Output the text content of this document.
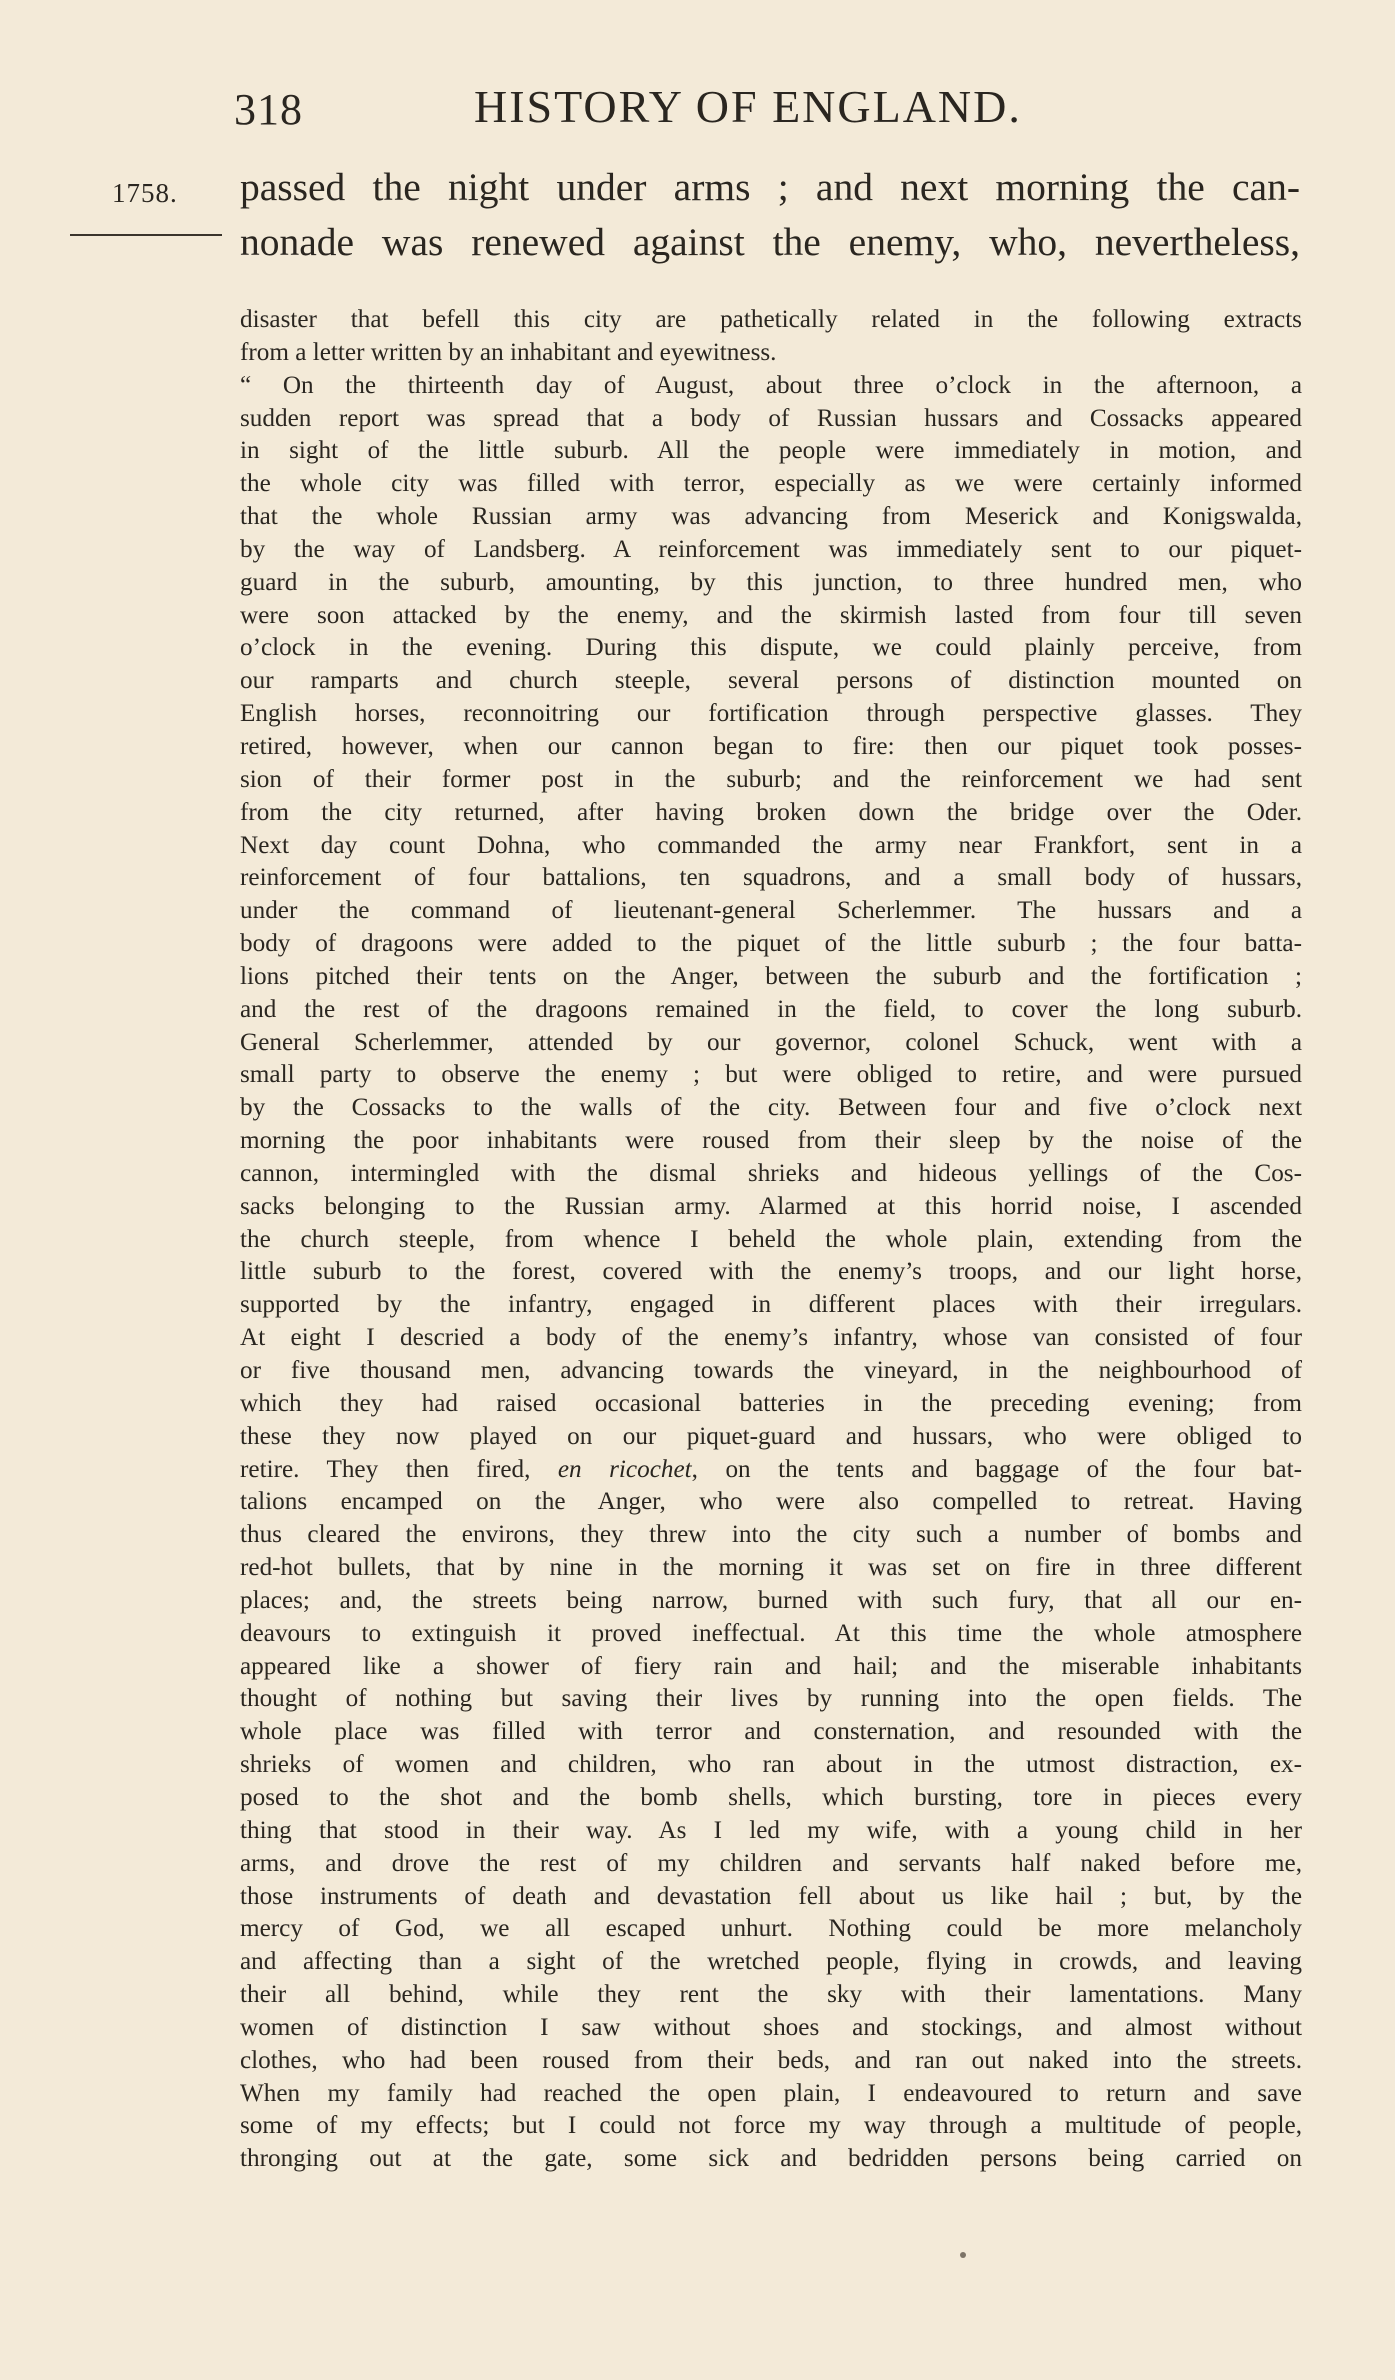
318	HISTORY OF ENGLAND.
1758. passed the night under arms ; and next morning the can-
nonade was renewed against the enemy, who, nevertheless,
disaster that befell this city are pathetically related in the following extracts
from a letter written by an inhabitant and eyewitness.
“ On the thirteenth day of August, about three o’clock in the afternoon, a
sudden report was spread that a body of Russian hussars and Cossacks appeared
in sight of the little suburb. All the people were immediately in motion, and
the whole city was filled with terror, especially as we were certainly informed
that the whole Russian army was advancing from Meserick and Konigswalda,
by the way of Landsberg. A reinforcement was immediately sent to our piquet-
guard in the suburb, amounting, by this junction, to three hundred men, who
were soon attacked by the enemy, and the skirmish lasted from four till seven
o’clock in the evening. During this dispute, we could plainly perceive, from
our ramparts and church steeple, several persons of distinction mounted on
English horses, reconnoitring our fortification through perspective glasses. They
retired, however, when our cannon began to fire: then our piquet took posses-
sion of their former post in the suburb; and the reinforcement we had sent
from the city returned, after having broken down the bridge over the Oder.
Next day count Dohna, who commanded the army near Frankfort, sent in a
reinforcement of four battalions, ten squadrons, and a small body of hussars,
under the command of lieutenant-general Scherlemmer. The hussars and a
body of dragoons were added to the piquet of the little suburb ; the four batta-
lions pitched their tents on the Anger, between the suburb and the fortification ;
and the rest of the dragoons remained in the field, to cover the long suburb.
General Scherlemmer, attended by our governor, colonel Schuck, went with a
small party to observe the enemy ; but were obliged to retire, and were pursued
by the Cossacks to the walls of the city. Between four and five o’clock next
morning the poor inhabitants were roused from their sleep by the noise of the
cannon, intermingled with the dismal shrieks and hideous yellings of the Cos-
sacks belonging to the Russian army. Alarmed at this horrid noise, I ascended
the church steeple, from whence I beheld the whole plain, extending from the
little suburb to the forest, covered with the enemy’s troops, and our light horse,
supported by the infantry, engaged in different places with their irregulars.
At eight I descried a body of the enemy’s infantry, whose van consisted of four
or five thousand men, advancing towards the vineyard, in the neighbourhood of
which they had raised occasional batteries in the preceding evening; from
these they now played on our piquet-guard and hussars, who were obliged to
retire. They then fired, en ricochet, on the tents and baggage of the four bat-
talions encamped on the Anger, who were also compelled to retreat. Having
thus cleared the environs, they threw into the city such a number of bombs and
red-hot bullets, that by nine in the morning it was set on fire in three different
places; and, the streets being narrow, burned with such fury, that all our en-
deavours to extinguish it proved ineffectual. At this time the whole atmosphere
appeared like a shower of fiery rain and hail; and the miserable inhabitants
thought of nothing but saving their lives by running into the open fields. The
whole place was filled with terror and consternation, and resounded with the
shrieks of women and children, who ran about in the utmost distraction, ex-
posed to the shot and the bomb shells, which bursting, tore in pieces every
thing that stood in their way. As I led my wife, with a young child in her
arms, and drove the rest of my children and servants half naked before me,
those instruments of death and devastation fell about us like hail ; but, by the
mercy of God, we all escaped unhurt. Nothing could be more melancholy
and affecting than a sight of the wretched people, flying in crowds, and leaving
their all behind, while they rent the sky with their lamentations. Many
women of distinction I saw without shoes and stockings, and almost without
clothes, who had been roused from their beds, and ran out naked into the streets.
When my family had reached the open plain, I endeavoured to return and save
some of my effects; but I could not force my way through a multitude of people,
thronging out at the gate, some sick and bedridden persons being carried on
